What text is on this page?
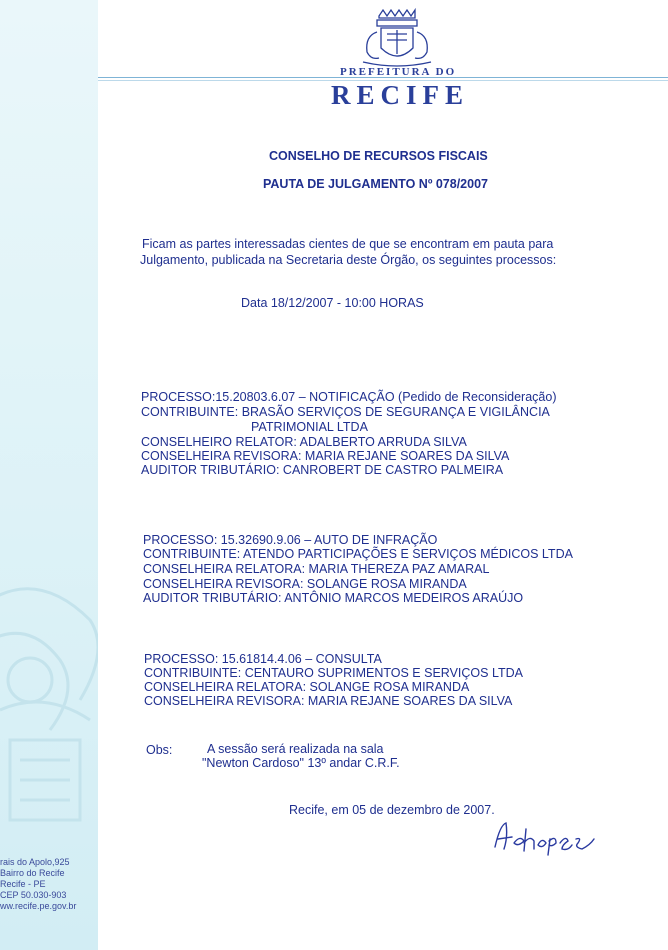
rais do Apolo,925
Bairro do Recife
Recife - PE
CEP 50.030-903
ww.recife.pe.gov.br
PREFEITURA DO
RECIFE
CONSELHO DE RECURSOS FISCAIS
PAUTA DE JULGAMENTO Nº 078/2007
Ficam as partes interessadas cientes de que se encontram em pauta para
Julgamento, publicada na Secretaria deste Órgão, os seguintes processos:
Data 18/12/2007 - 10:00 HORAS
PROCESSO:15.20803.6.07 – NOTIFICAÇÃO (Pedido de Reconsideração)
CONTRIBUINTE: BRASÃO SERVIÇOS DE SEGURANÇA E VIGILÂNCIA
PATRIMONIAL LTDA
CONSELHEIRO RELATOR: ADALBERTO ARRUDA SILVA
CONSELHEIRA REVISORA: MARIA REJANE SOARES DA SILVA
AUDITOR TRIBUTÁRIO: CANROBERT DE CASTRO PALMEIRA
PROCESSO: 15.32690.9.06 – AUTO DE INFRAÇÃO
CONTRIBUINTE: ATENDO PARTICIPAÇÕES E SERVIÇOS MÉDICOS LTDA
CONSELHEIRA RELATORA: MARIA THEREZA PAZ AMARAL
CONSELHEIRA REVISORA: SOLANGE ROSA MIRANDA
AUDITOR TRIBUTÁRIO: ANTÔNIO MARCOS MEDEIROS ARAÚJO
PROCESSO: 15.61814.4.06 – CONSULTA
CONTRIBUINTE: CENTAURO SUPRIMENTOS E SERVIÇOS LTDA
CONSELHEIRA RELATORA: SOLANGE ROSA MIRANDA
CONSELHEIRA REVISORA: MARIA REJANE SOARES DA SILVA
Obs:	A sessão será realizada na sala
"Newton Cardoso" 13º andar C.R.F.
Recife, em 05 de dezembro de 2007.
